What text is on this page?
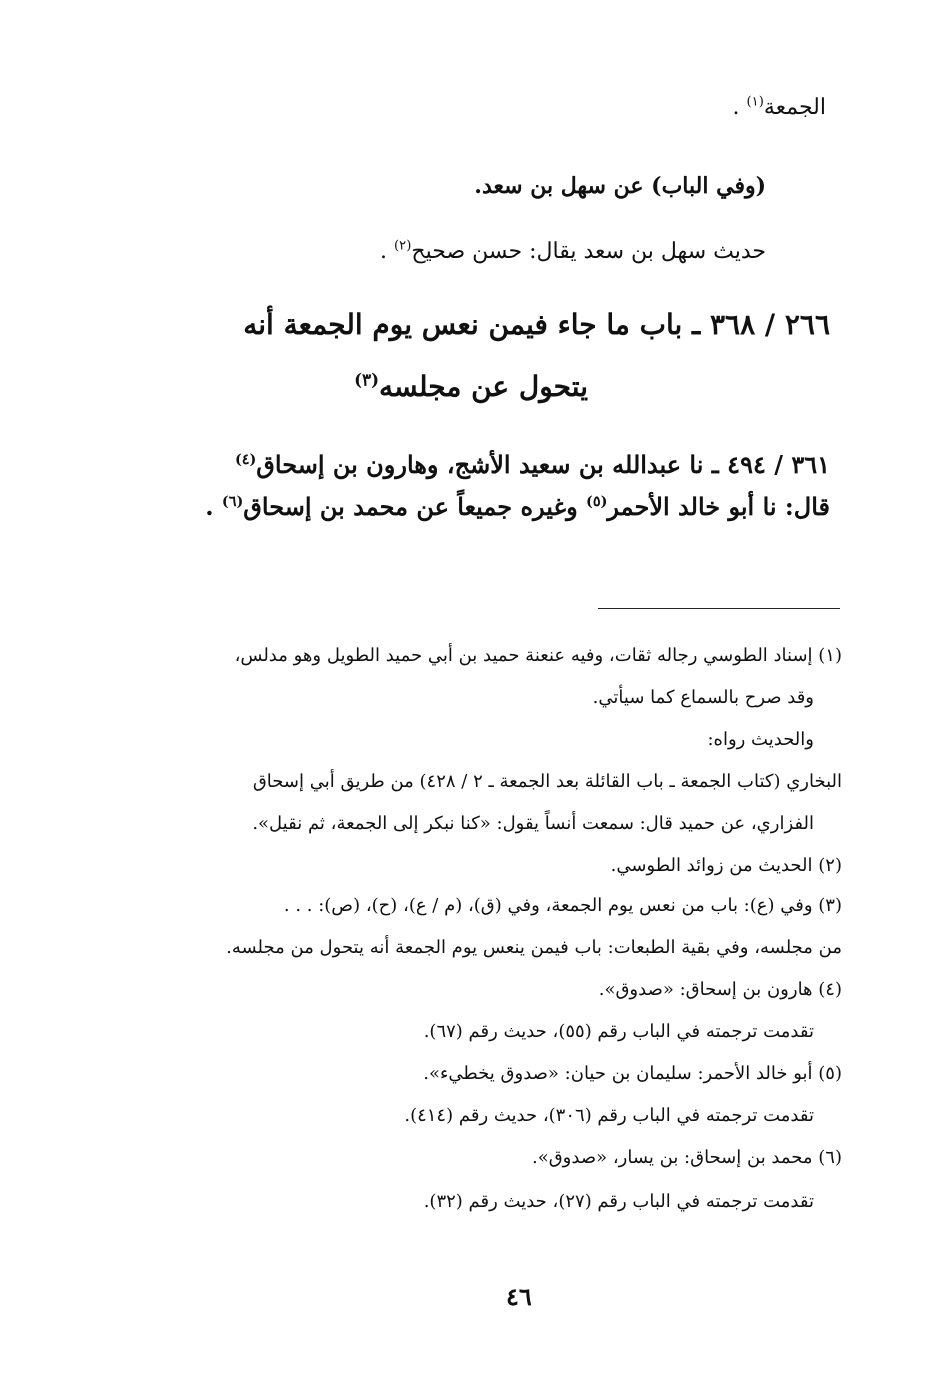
الجمعة$^{(١)}$ .
(وفي الباب) عن سهل بن سعد.
حديث سهل بن سعد يقال: حسن صحيح$^{(٢)}$ .
٢٦٦ / ٣٦٨ ـ باب ما جاء فيمن نعس يوم الجمعة أنه
يتحول عن مجلسه$^{(٣)}$
٣٦١ / ٤٩٤ ـ نا عبدالله بن سعيد الأشج، وهارون بن إسحاق$^{(٤)}$
قال: نا أبو خالد الأحمر$^{(٥)}$ وغيره جميعاً عن محمد بن إسحاق$^{(٦)}$ .
(١) إسناد الطوسي رجاله ثقات، وفيه عنعنة حميد بن أبي حميد الطويل وهو مدلس،
وقد صرح بالسماع كما سيأتي.
والحديث رواه:
البخاري (كتاب الجمعة ـ باب القائلة بعد الجمعة ـ ٢ / ٤٢٨) من طريق أبي إسحاق
الفزاري، عن حميد قال: سمعت أنساً يقول: «كنا نبكر إلى الجمعة، ثم نقيل».
(٢) الحديث من زوائد الطوسي.
(٣) وفي (ع): باب من نعس يوم الجمعة، وفي (ق)، (م / ع)، (ح)، (ص): . . .
من مجلسه، وفي بقية الطبعات: باب فيمن ينعس يوم الجمعة أنه يتحول من مجلسه.
(٤) هارون بن إسحاق: «صدوق».
تقدمت ترجمته في الباب رقم (٥٥)، حديث رقم (٦٧).
(٥) أبو خالد الأحمر: سليمان بن حيان: «صدوق يخطيء».
تقدمت ترجمته في الباب رقم (٣٠٦)، حديث رقم (٤١٤).
(٦) محمد بن إسحاق: بن يسار، «صدوق».
تقدمت ترجمته في الباب رقم (٢٧)، حديث رقم (٣٢).
٤٦
